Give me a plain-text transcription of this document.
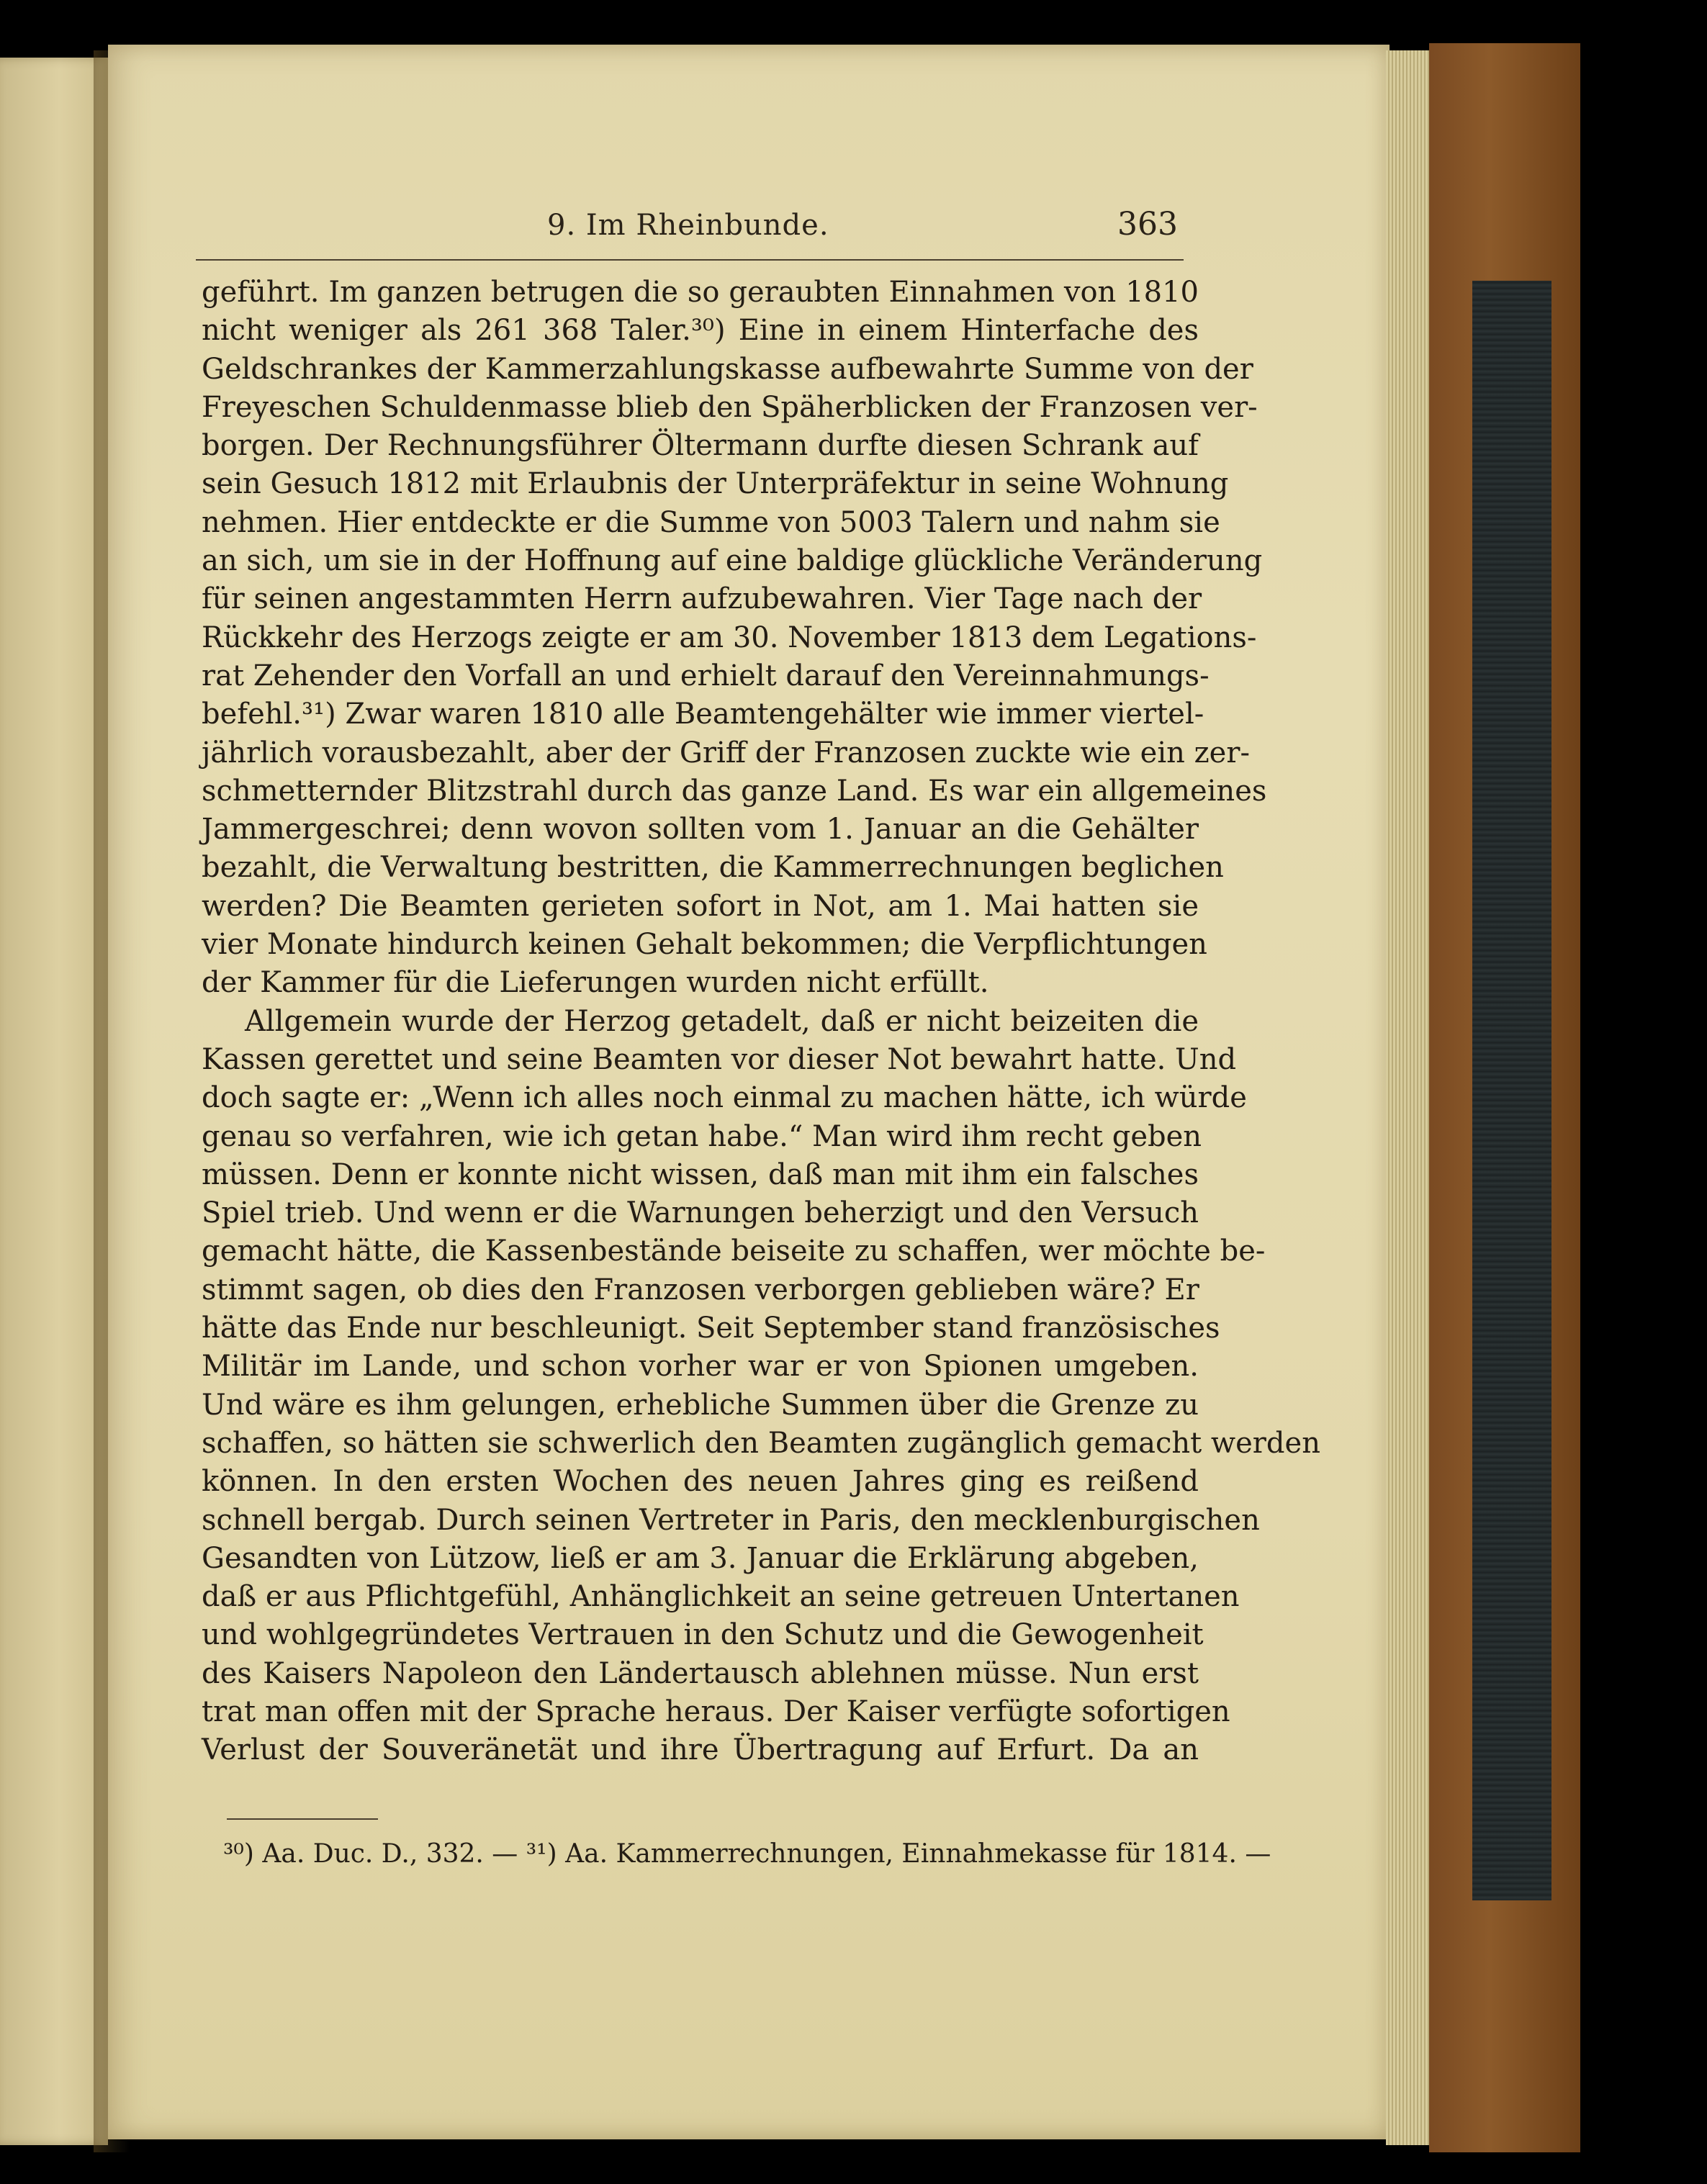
9. Im Rheinbunde.	363
geführt. Im ganzen betrugen die so geraubten Einnahmen von 1810
nicht weniger als 261 368 Taler.³⁰) Eine in einem Hinterfache des
Geldschrankes der Kammerzahlungskasse aufbewahrte Summe von der
Freyeschen Schuldenmasse blieb den Späherblicken der Franzosen ver-
borgen. Der Rechnungsführer Öltermann durfte diesen Schrank auf
sein Gesuch 1812 mit Erlaubnis der Unterpräfektur in seine Wohnung
nehmen. Hier entdeckte er die Summe von 5003 Talern und nahm sie
an sich, um sie in der Hoffnung auf eine baldige glückliche Veränderung
für seinen angestammten Herrn aufzubewahren. Vier Tage nach der
Rückkehr des Herzogs zeigte er am 30. November 1813 dem Legations-
rat Zehender den Vorfall an und erhielt darauf den Vereinnahmungs-
befehl.³¹) Zwar waren 1810 alle Beamtengehälter wie immer viertel-
jährlich vorausbezahlt, aber der Griff der Franzosen zuckte wie ein zer-
schmetternder Blitzstrahl durch das ganze Land. Es war ein allgemeines
Jammergeschrei; denn wovon sollten vom 1. Januar an die Gehälter
bezahlt, die Verwaltung bestritten, die Kammerrechnungen beglichen
werden? Die Beamten gerieten sofort in Not, am 1. Mai hatten sie
vier Monate hindurch keinen Gehalt bekommen; die Verpflichtungen
der Kammer für die Lieferungen wurden nicht erfüllt.
Allgemein wurde der Herzog getadelt, daß er nicht beizeiten die
Kassen gerettet und seine Beamten vor dieser Not bewahrt hatte. Und
doch sagte er: „Wenn ich alles noch einmal zu machen hätte, ich würde
genau so verfahren, wie ich getan habe.“ Man wird ihm recht geben
müssen. Denn er konnte nicht wissen, daß man mit ihm ein falsches
Spiel trieb. Und wenn er die Warnungen beherzigt und den Versuch
gemacht hätte, die Kassenbestände beiseite zu schaffen, wer möchte be-
stimmt sagen, ob dies den Franzosen verborgen geblieben wäre? Er
hätte das Ende nur beschleunigt. Seit September stand französisches
Militär im Lande, und schon vorher war er von Spionen umgeben.
Und wäre es ihm gelungen, erhebliche Summen über die Grenze zu
schaffen, so hätten sie schwerlich den Beamten zugänglich gemacht werden
können. In den ersten Wochen des neuen Jahres ging es reißend
schnell bergab. Durch seinen Vertreter in Paris, den mecklenburgischen
Gesandten von Lützow, ließ er am 3. Januar die Erklärung abgeben,
daß er aus Pflichtgefühl, Anhänglichkeit an seine getreuen Untertanen
und wohlgegründetes Vertrauen in den Schutz und die Gewogenheit
des Kaisers Napoleon den Ländertausch ablehnen müsse. Nun erst
trat man offen mit der Sprache heraus. Der Kaiser verfügte sofortigen
Verlust der Souveränetät und ihre Übertragung auf Erfurt. Da an
³⁰) Aa. Duc. D., 332. — ³¹) Aa. Kammerrechnungen, Einnahmekasse für 1814. —
